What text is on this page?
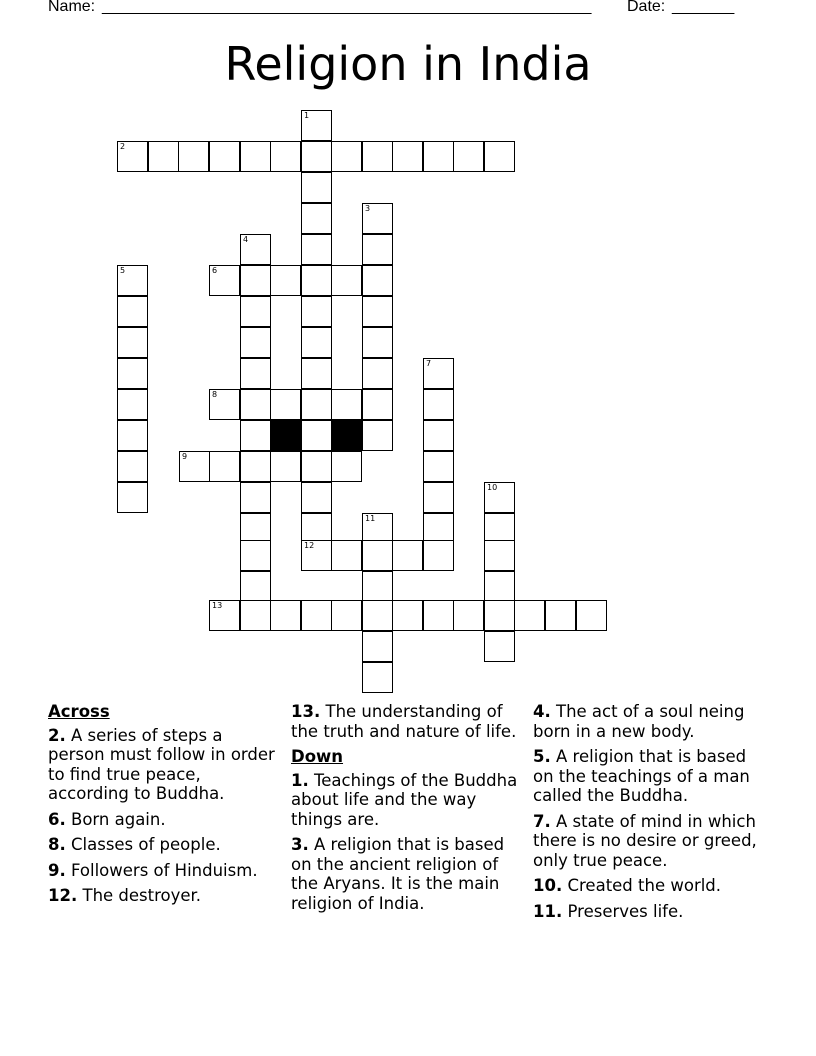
Name: _______________________________________________________ Date: _______
Religion in India
1
12
2
3
4
5	6
7
8
9
10
11
13
Across
2. A series of steps a person must follow in order to find true peace, according to Buddha.
6. Born again.
8. Classes of people.
9. Followers of Hinduism.
12. The destroyer.
13. The understanding of the truth and nature of life.
Down
1. Teachings of the Buddha about life and the way things are.
3. A religion that is based on the ancient religion of the Aryans. It is the main religion of India.
4. The act of a soul neing born in a new body.
5. A religion that is based on the teachings of a man called the Buddha.
7. A state of mind in which there is no desire or greed, only true peace.
10. Created the world.
11. Preserves life.
